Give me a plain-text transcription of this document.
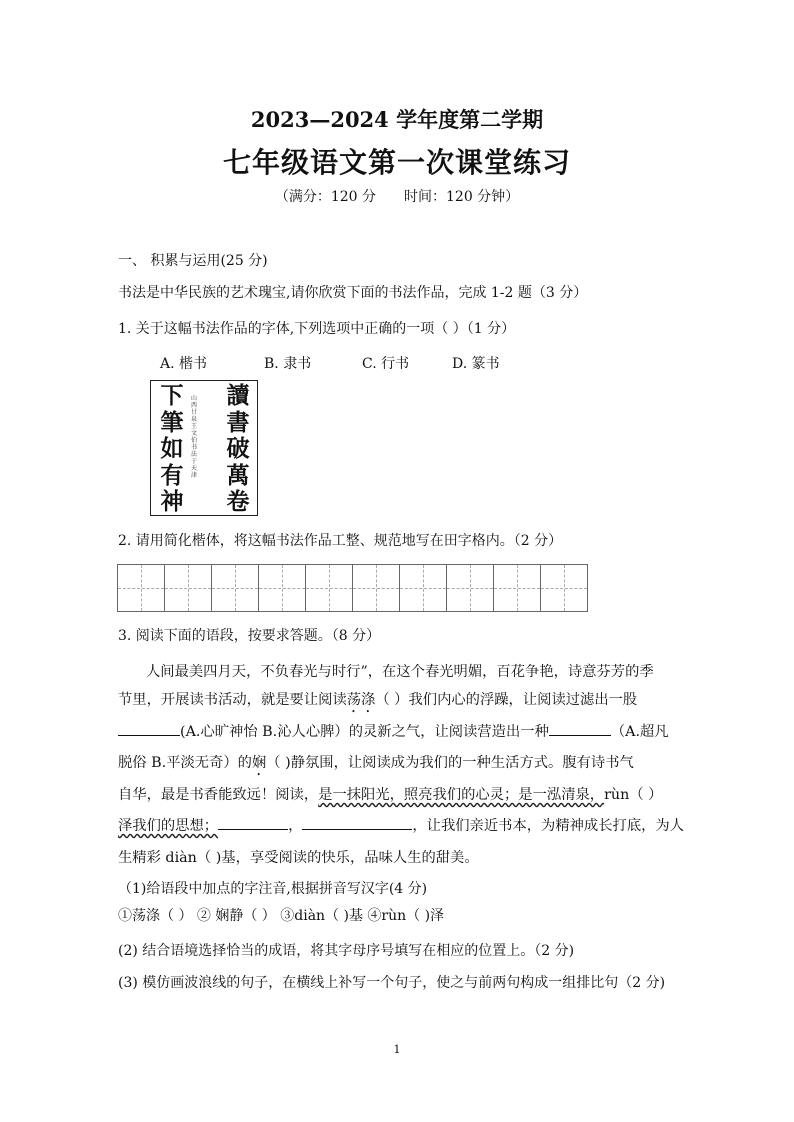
2023—2024 学年度第二学期
七年级语文第一次课堂练习
（满分：120 分 时间：120 分钟）
一、 积累与运用(25 分)
书法是中华民族的艺术瑰宝,请你欣赏下面的书法作品，完成 1-2 题（3 分）
1. 关于这幅书法作品的字体,下列选项中正确的一项（ ）（1 分）
A. 楷书	B. 隶书	C. 行书	D. 篆书
讀
書
破
萬
卷
下
筆
如
有
神
山西甘泉王文伯书法于天津
2. 请用简化楷体，将这幅书法作品工整、规范地写在田字格内。（2 分）
3. 阅读下面的语段，按要求答题。（8 分）
人间最美四月天，不负春光与时行”，在这个春光明媚，百花争艳，诗意芬芳的季
节里，开展读书活动，就是要让阅读荡涤（ ）我们内心的浮躁，让阅读过滤出一股
(A.心旷神怡 B.沁人心脾）的灵新之气，让阅读营造出一种	（A.超凡
脱俗 B.平淡无奇）的娴（ )静氛围，让阅读成为我们的一种生活方式。腹有诗书气
自华，最是书香能致远！阅读，是一抹阳光，照亮我们的心灵；是一泓清泉，rùn（ ）
泽我们的思想；	，	，让我们亲近书本，为精神成长打底，为人
生精彩 diàn（ )基，享受阅读的快乐，品味人生的甜美。
（1)给语段中加点的字注音,根据拼音写汉字(4 分)
①荡涤（ ） ② 娴静（ ） ③diàn（ )基 ④rùn（ )泽
(2) 结合语境选择恰当的成语，将其字母序号填写在相应的位置上。（2 分)
(3) 模仿画波浪线的句子，在横线上补写一个句子，使之与前两句构成一组排比句（2 分)
1
